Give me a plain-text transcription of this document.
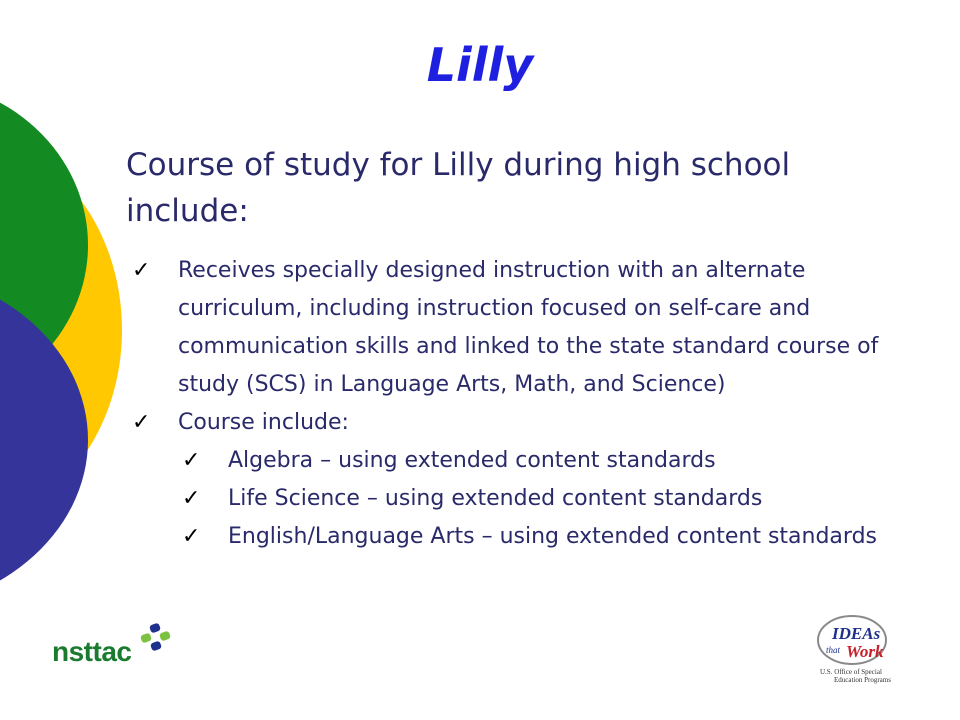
Lilly

Course of study for Lilly during high school include:

✓ Receives specially designed instruction with an alternate curriculum, including instruction focused on self-care and communication skills and linked to the state standard course of study (SCS) in Language Arts, Math, and Science)
✓ Course include:
✓ Algebra – using extended content standards
✓ Life Science – using extended content standards
✓ English/Language Arts – using extended content standards
nsttac
IDEAs
that Work
U.S. Office of Special
Education Programs
